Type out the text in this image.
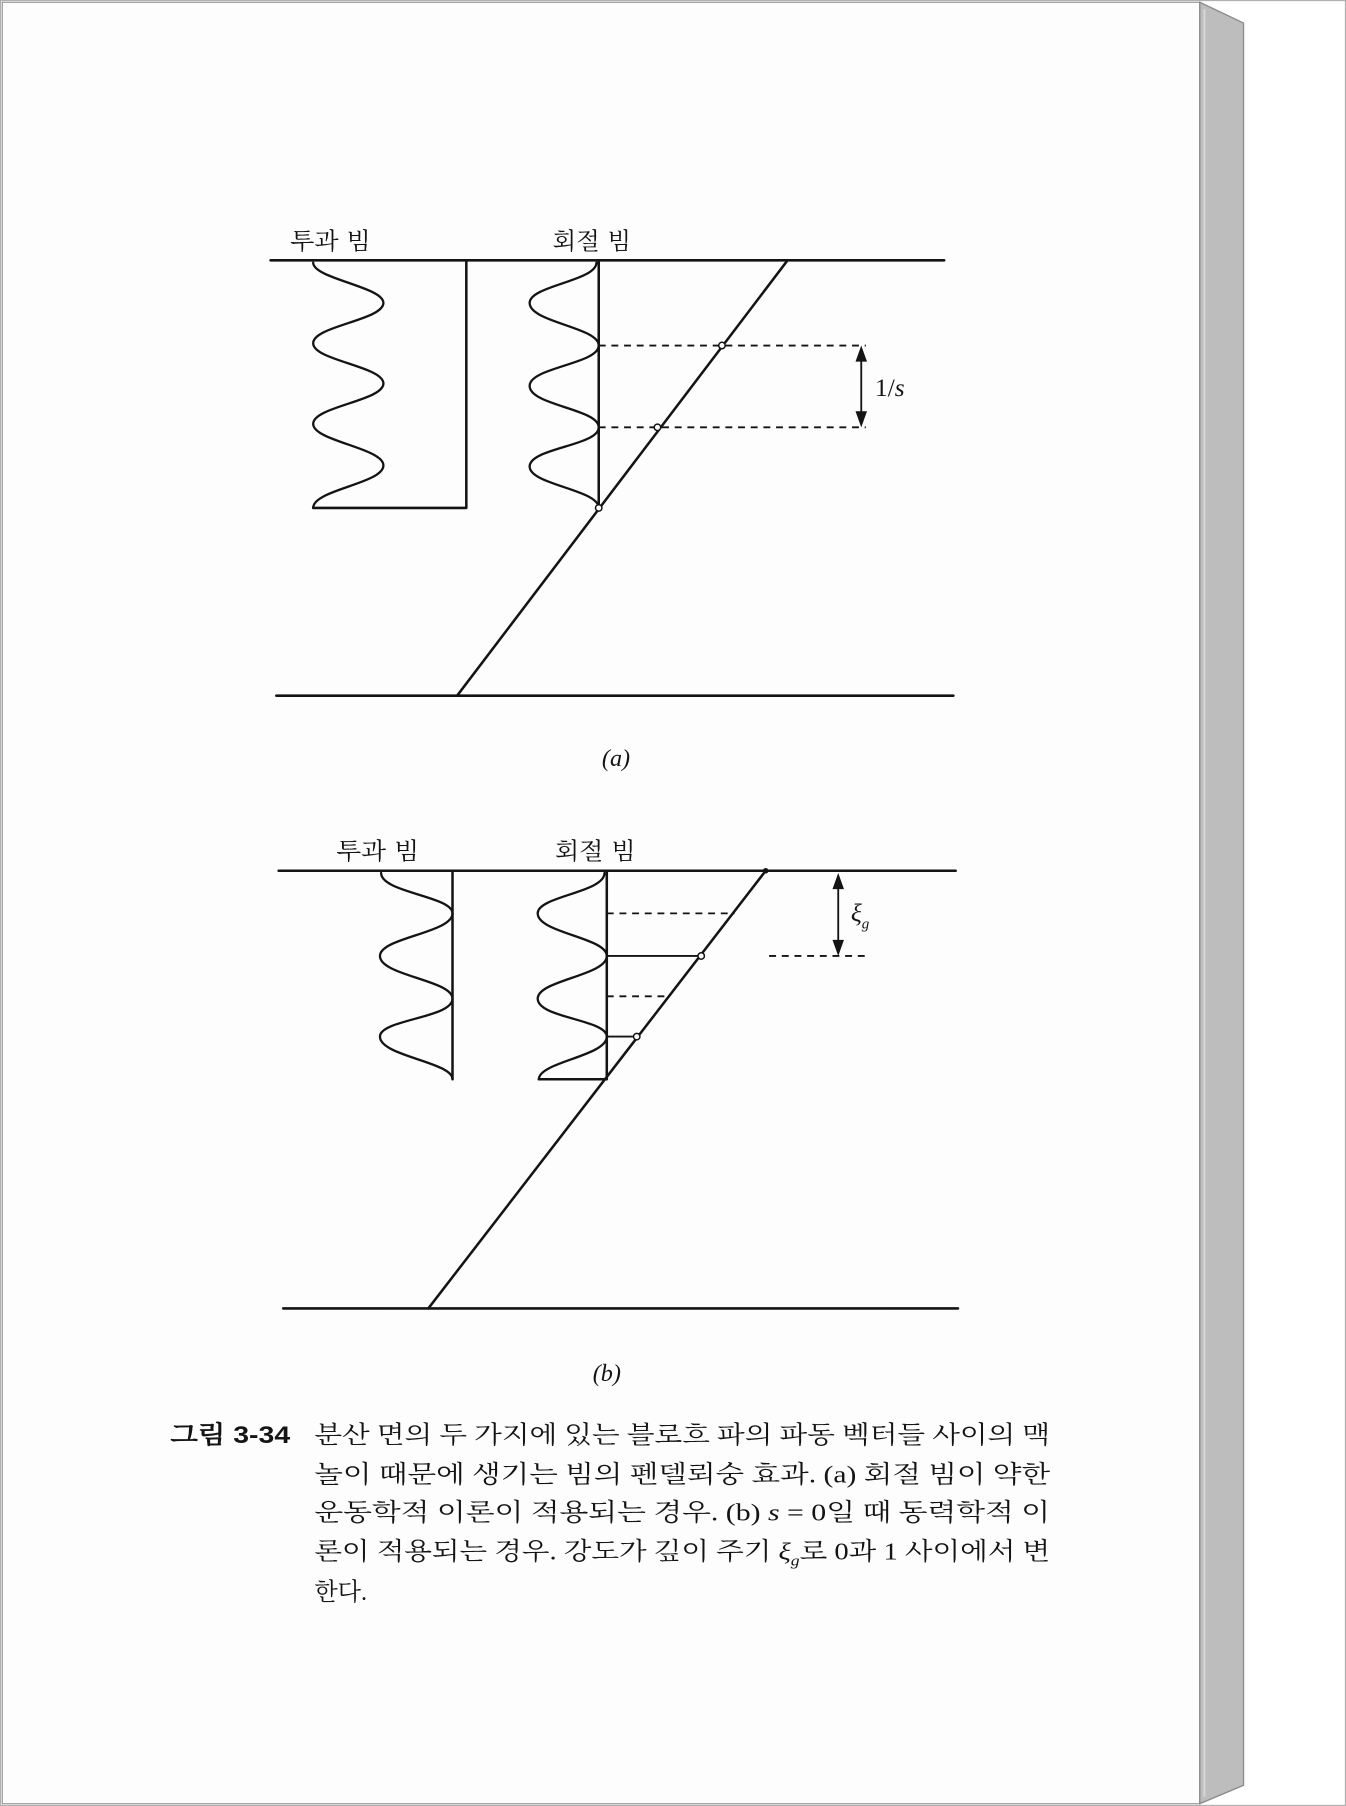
투과 빔	회절 빔
1/s
(a)
투과 빔	회절 빔
$\xi_g$
(b)
그림 3-34	분산 면의 두 가지에 있는 블로흐 파의 파동 벡터들 사이의 맥
놀이 때문에 생기는 빔의 펜델뢰숭 효과. (a) 회절 빔이 약한
운동학적 이론이 적용되는 경우. (b)	s = 0일 때 동력학적 이
론이 적용되는 경우. 강도가 깊이 주기	ξ $_g$로 0과 1 사이에서 변
한다.
